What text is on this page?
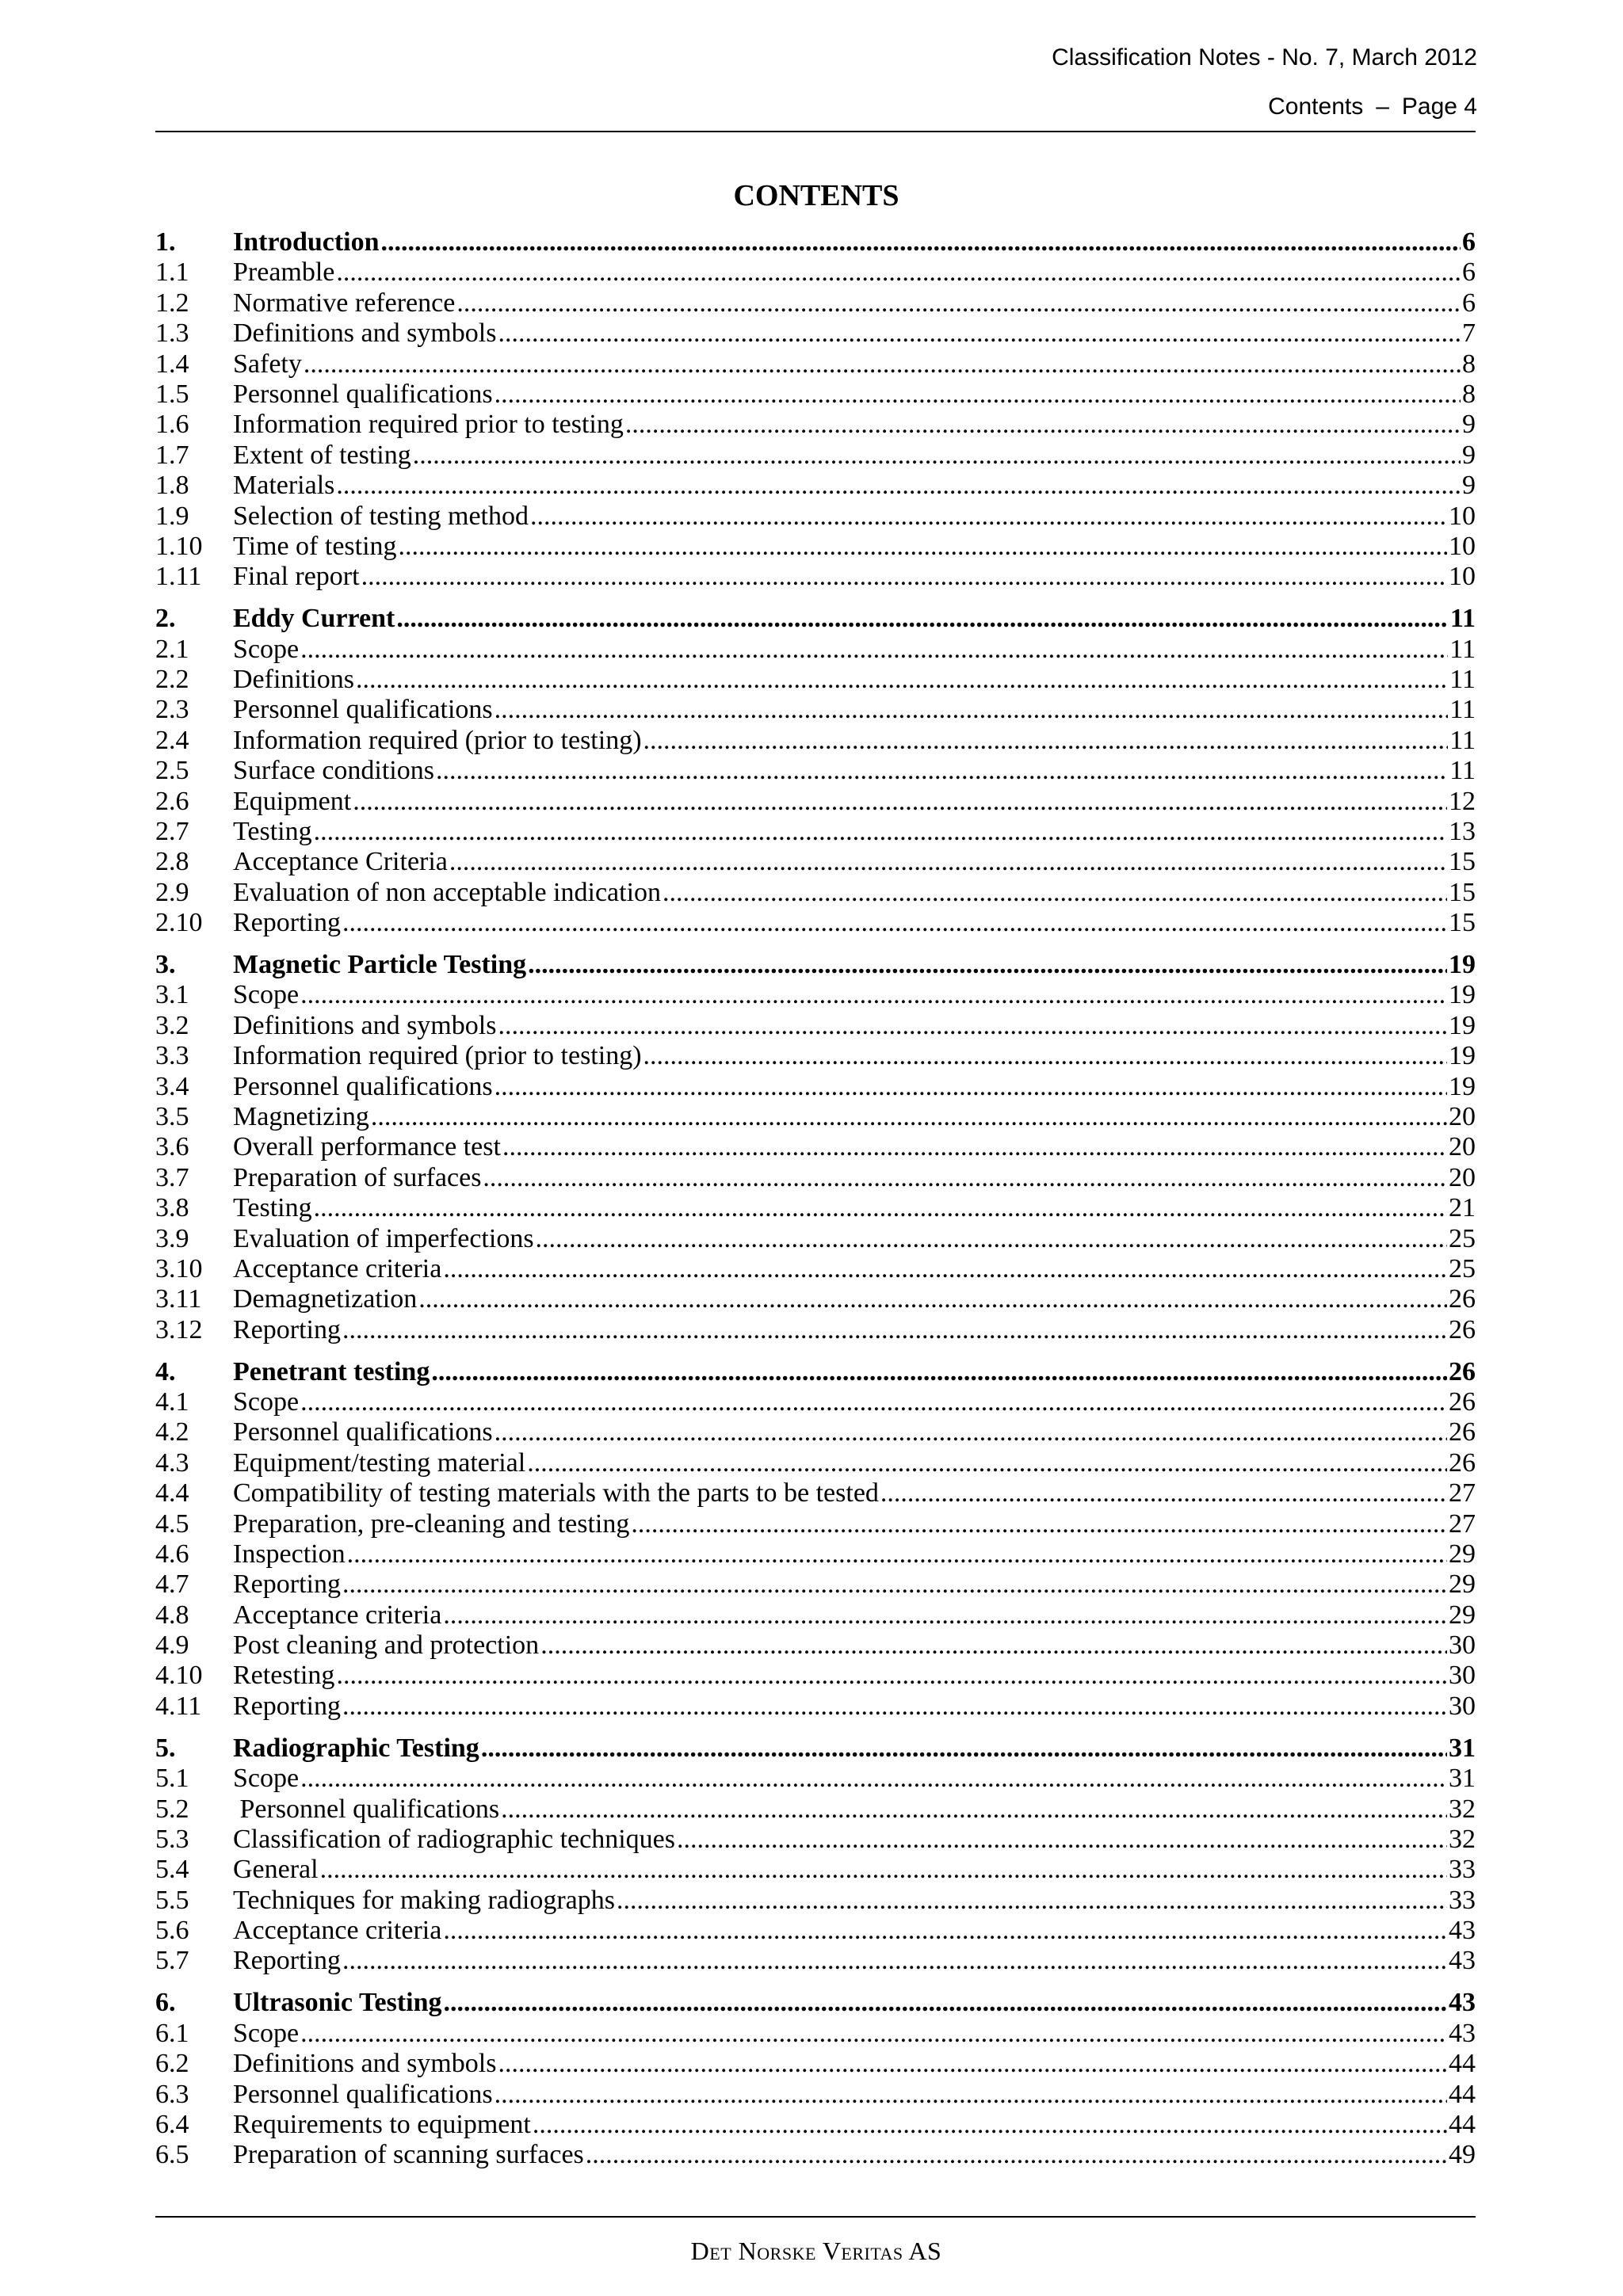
Classification Notes - No. 7, March 2012
Contents – Page 4
CONTENTS
1.	Introduction .....	6
1.1	Preamble .....	6
1.2	Normative reference .....	6
1.3	Definitions and symbols .....	7
1.4	Safety .....	8
1.5	Personnel qualifications .....	8
1.6	Information required prior to testing .....	9
1.7	Extent of testing .....	9
1.8	Materials .....	9
1.9	Selection of testing method .....	10
1.10	Time of testing .....	10
1.11	Final report .....	10
2.	Eddy Current .....	11
2.1	Scope .....	11
2.2	Definitions .....	11
2.3	Personnel qualifications .....	11
2.4	Information required (prior to testing) .....	11
2.5	Surface conditions .....	11
2.6	Equipment .....	12
2.7	Testing .....	13
2.8	Acceptance Criteria .....	15
2.9	Evaluation of non acceptable indication .....	15
2.10	Reporting .....	15
3.	Magnetic Particle Testing .....	19
3.1	Scope .....	19
3.2	Definitions and symbols .....	19
3.3	Information required (prior to testing) .....	19
3.4	Personnel qualifications .....	19
3.5	Magnetizing .....	20
3.6	Overall performance test .....	20
3.7	Preparation of surfaces .....	20
3.8	Testing .....	21
3.9	Evaluation of imperfections .....	25
3.10	Acceptance criteria .....	25
3.11	Demagnetization .....	26
3.12	Reporting .....	26
4.	Penetrant testing .....	26
4.1	Scope .....	26
4.2	Personnel qualifications .....	26
4.3	Equipment/testing material .....	26
4.4	Compatibility of testing materials with the parts to be tested .....	27
4.5	Preparation, pre-cleaning and testing .....	27
4.6	Inspection .....	29
4.7	Reporting .....	29
4.8	Acceptance criteria .....	29
4.9	Post cleaning and protection .....	30
4.10	Retesting .....	30
4.11	Reporting .....	30
5.	Radiographic Testing .....	31
5.1	Scope .....	31
5.2	Personnel qualifications .....	32
5.3	Classification of radiographic techniques .....	32
5.4	General .....	33
5.5	Techniques for making radiographs .....	33
5.6	Acceptance criteria .....	43
5.7	Reporting .....	43
6.	Ultrasonic Testing .....	43
6.1	Scope .....	43
6.2	Definitions and symbols .....	44
6.3	Personnel qualifications .....	44
6.4	Requirements to equipment .....	44
6.5	Preparation of scanning surfaces .....	49
Det Norske Veritas AS
